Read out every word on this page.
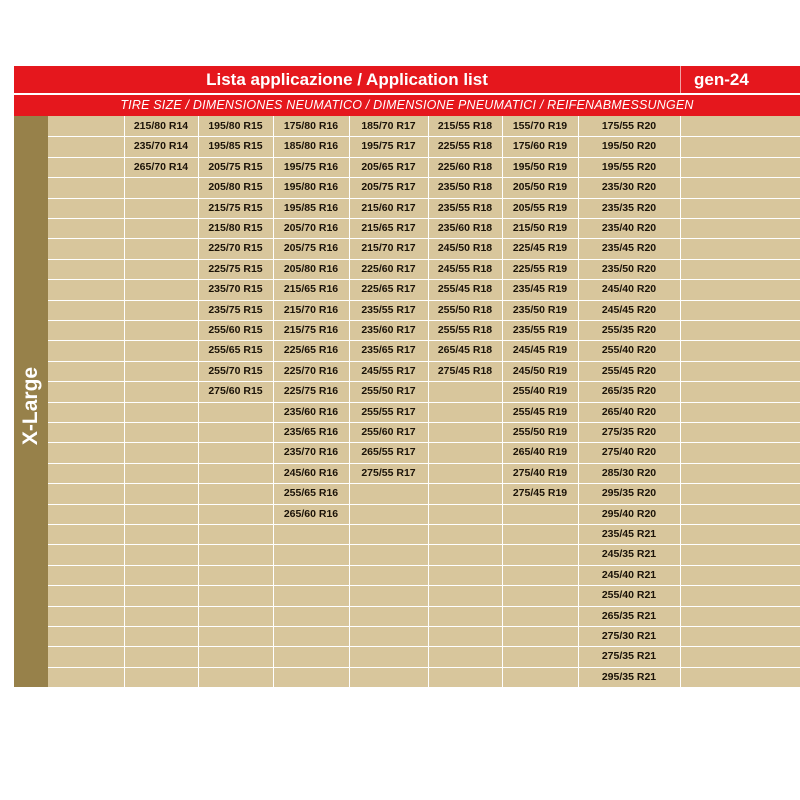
Lista applicazione / Application list	gen-24
TIRE SIZE / DIMENSIONES NEUMATICO / DIMENSIONE PNEUMATICI / REIFENABMESSUNGEN
X-Large
215/80 R14
235/70 R14
265/70 R14
195/80 R15
195/85 R15
205/75 R15
205/80 R15
215/75 R15
215/80 R15
225/70 R15
225/75 R15
235/70 R15
235/75 R15
255/60 R15
255/65 R15
255/70 R15
275/60 R15
175/80 R16
185/80 R16
195/75 R16
195/80 R16
195/85 R16
205/70 R16
205/75 R16
205/80 R16
215/65 R16
215/70 R16
215/75 R16
225/65 R16
225/70 R16
225/75 R16
235/60 R16
235/65 R16
235/70 R16
245/60 R16
255/65 R16
265/60 R16
185/70 R17
195/75 R17
205/65 R17
205/75 R17
215/60 R17
215/65 R17
215/70 R17
225/60 R17
225/65 R17
235/55 R17
235/60 R17
235/65 R17
245/55 R17
255/50 R17
255/55 R17
255/60 R17
265/55 R17
275/55 R17
215/55 R18
225/55 R18
225/60 R18
235/50 R18
235/55 R18
235/60 R18
245/50 R18
245/55 R18
255/45 R18
255/50 R18
255/55 R18
265/45 R18
275/45 R18
155/70 R19
175/60 R19
195/50 R19
205/50 R19
205/55 R19
215/50 R19
225/45 R19
225/55 R19
235/45 R19
235/50 R19
235/55 R19
245/45 R19
245/50 R19
255/40 R19
255/45 R19
255/50 R19
265/40 R19
275/40 R19
275/45 R19
175/55 R20
195/50 R20
195/55 R20
235/30 R20
235/35 R20
235/40 R20
235/45 R20
235/50 R20
245/40 R20
245/45 R20
255/35 R20
255/40 R20
255/45 R20
265/35 R20
265/40 R20
275/35 R20
275/40 R20
285/30 R20
295/35 R20
295/40 R20
235/45 R21
245/35 R21
245/40 R21
255/40 R21
265/35 R21
275/30 R21
275/35 R21
295/35 R21
